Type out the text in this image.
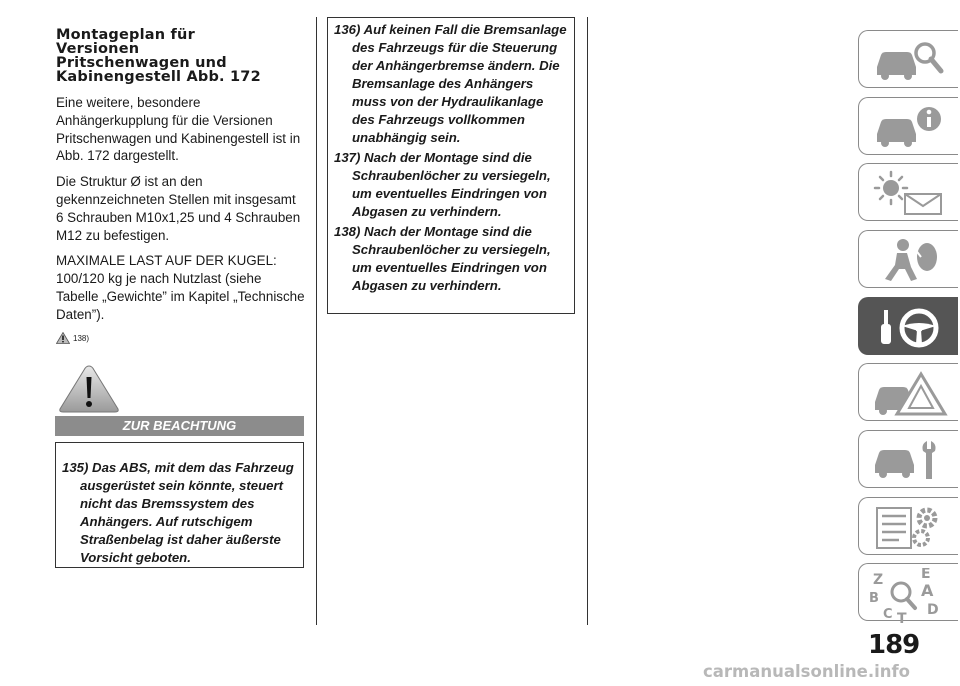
Montageplan für
Versionen
Pritschenwagen und
Kabinengestell Abb. 172

Eine weitere, besondere Anhängerkupplung für die Versionen Pritschenwagen und Kabinengestell ist in Abb. 172 dargestellt.

Die Struktur Ø ist an den gekennzeichneten Stellen mit insgesamt 6 Schrauben M10x1,25 und 4 Schrauben M12 zu befestigen.

MAXIMALE LAST AUF DER KUGEL: 100/120 kg je nach Nutzlast (siehe Tabelle „Gewichte” im Kapitel „Technische Daten”).

138)
ZUR BEACHTUNG

135) Das ABS, mit dem das Fahrzeug ausgerüstet sein könnte, steuert nicht das Bremssystem des Anhängers. Auf rutschigem Straßenbelag ist daher äußerste Vorsicht geboten.

136) Auf keinen Fall die Bremsanlage des Fahrzeugs für die Steuerung der Anhängerbremse ändern. Die Bremsanlage des Anhängers muss von der Hydraulikanlage des Fahrzeugs vollkommen unabhängig sein.

137) Nach der Montage sind die Schraubenlöcher zu versiegeln, um eventuelles Eindringen von Abgasen zu verhindern.

138) Nach der Montage sind die Schraubenlöcher zu versiegeln, um eventuelles Eindringen von Abgasen zu verhindern.

Z	E
A
B
C T
D
189
carmanualsonline.info
